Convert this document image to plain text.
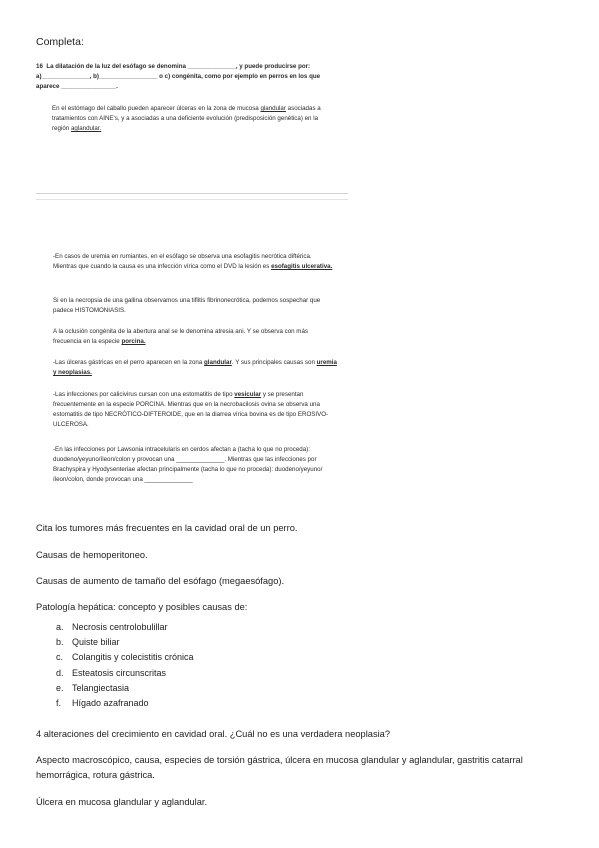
Completa:
16 La dilatación de la luz del esófago se denomina ______________, y puede producirse por: a)______________, b)_________________ o c) congénita, como por ejemplo en perros en los que aparece ________________.
En el estómago del caballo pueden aparecer úlceras en la zona de mucosa glandular asociadas a tratamientos con AINE's, y a asociadas a una deficiente evolución (predisposición genética) en la región aglandular.
-En casos de uremia en rumiantes, en el esófago se observa una esofagitis necrótica diftérica. Mientras que cuando la causa es una infección vírica como el DVD la lesión es esofagitis ulcerativa.
Si en la necropsia de una gallina observamos una tiflitis fibrinonecrótica, podemos sospechar que padece HISTOMONIASIS.
A la oclusión congénita de la abertura anal se le denomina atresia ani. Y se observa con más frecuencia en la especie porcina.
-Las úlceras gástricas en el perro aparecen en la zona glandular. Y sus principales causas son uremia y neoplasias.
-Las infecciones por calicivirus cursan con una estomatitis de tipo vesicular y se presentan frecuentemente en la especie PORCINA. Mientras que en la necrobacilosis ovina se observa una estomatitis de tipo NECRÓTICO-DIFTEROIDE, que en la diarrea vírica bovina es de tipo EROSIVO-ULCEROSA.
-En las infecciones por Lawsonia intracelularis en cerdos afectan a (tacha lo que no proceda): duodeno/yeyuno/íleon/colon y provocan una ______________. Mientras que las infecciones por Brachyspira y Hyodysenteriae afectan principalmente (tacha lo que no proceda): duodeno/yeyuno/íleon/colon, donde provocan una ______________
Cita los tumores más frecuentes en la cavidad oral de un perro.
Causas de hemoperitoneo.
Causas de aumento de tamaño del esófago (megaesófago).
Patología hepática: concepto y posibles causas de:
a. Necrosis centrolobulillar
b. Quiste biliar
c. Colangitis y colecistitis crónica
d. Esteatosis circunscritas
e. Telangiectasia
f. Hígado azafranado
4 alteraciones del crecimiento en cavidad oral. ¿Cuál no es una verdadera neoplasia?
Aspecto macroscópico, causa, especies de torsión gástrica, úlcera en mucosa glandular y aglandular, gastritis catarral hemorrágica, rotura gástrica.
Úlcera en mucosa glandular y aglandular.
